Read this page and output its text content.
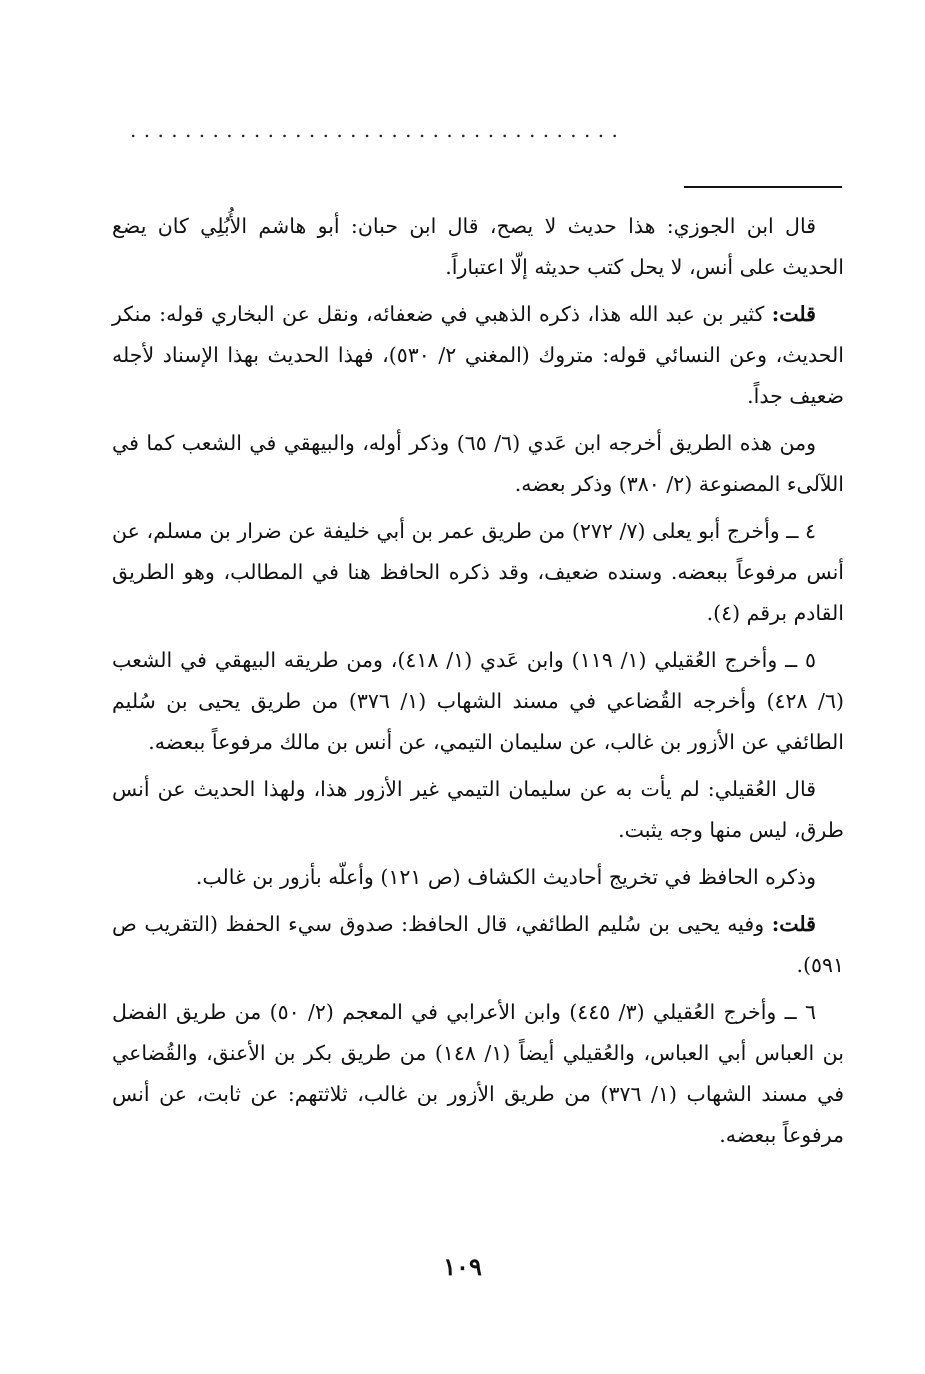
....................................

قال ابن الجوزي: هذا حديث لا يصح، قال ابن حبان: أبو هاشم الأُبُلِي كان يضع الحديث على أنس، لا يحل كتب حديثه إلّا اعتباراً.

قلت: كثير بن عبد الله هذا، ذكره الذهبي في ضعفائه، ونقل عن البخاري قوله: منكر الحديث، وعن النسائي قوله: متروك (المغني ٢/ ٥٣٠)، فهذا الحديث بهذا الإسناد لأجله ضعيف جداً.

ومن هذه الطريق أخرجه ابن عَدي (٦/ ٦٥) وذكر أوله، والبيهقي في الشعب كما في اللآلىء المصنوعة (٢/ ٣٨٠) وذكر بعضه.

٤ ــ وأخرج أبو يعلى (٧/ ٢٧٢) من طريق عمر بن أبي خليفة عن ضرار بن مسلم، عن أنس مرفوعاً ببعضه. وسنده ضعيف، وقد ذكره الحافظ هنا في المطالب، وهو الطريق القادم برقم (٤).

٥ ــ وأخرج العُقيلي (١/ ١١٩) وابن عَدي (١/ ٤١٨)، ومن طريقه البيهقي في الشعب (٦/ ٤٢٨) وأخرجه القُضاعي في مسند الشهاب (١/ ٣٧٦) من طريق يحيى بن سُليم الطائفي عن الأزور بن غالب، عن سليمان التيمي، عن أنس بن مالك مرفوعاً ببعضه.

قال العُقيلي: لم يأت به عن سليمان التيمي غير الأزور هذا، ولهذا الحديث عن أنس طرق، ليس منها وجه يثبت.

وذكره الحافظ في تخريج أحاديث الكشاف (ص ١٢١) وأعلّه بأزور بن غالب.

قلت: وفيه يحيى بن سُليم الطائفي، قال الحافظ: صدوق سيء الحفظ (التقريب ص ٥٩١).

٦ ــ وأخرج العُقيلي (٣/ ٤٤٥) وابن الأعرابي في المعجم (٢/ ٥٠) من طريق الفضل بن العباس أبي العباس، والعُقيلي أيضاً (١/ ١٤٨) من طريق بكر بن الأعنق، والقُضاعي في مسند الشهاب (١/ ٣٧٦) من طريق الأزور بن غالب، ثلاثتهم: عن ثابت، عن أنس مرفوعاً ببعضه.

١٠٩
